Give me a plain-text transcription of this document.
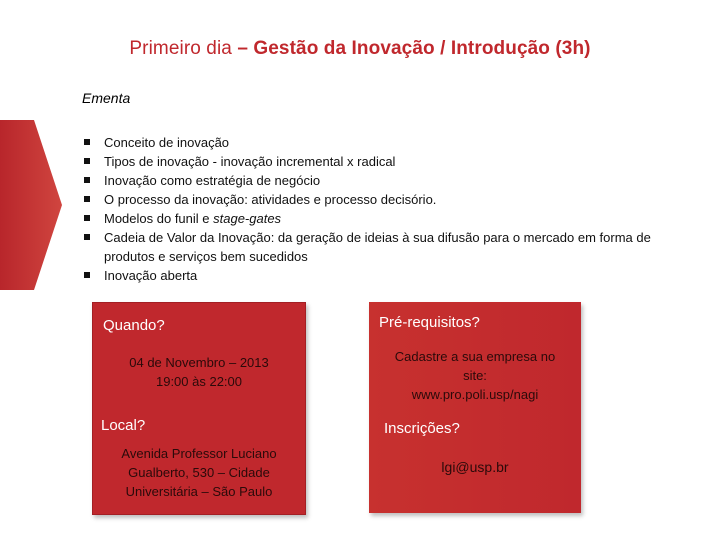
Primeiro dia – Gestão da Inovação / Introdução (3h)
Ementa
Conceito de inovação
Tipos de inovação - inovação incremental x radical
Inovação como estratégia de negócio
O processo da inovação: atividades e processo decisório.
Modelos do funil e stage-gates
Cadeia de Valor da Inovação: da geração de ideias à sua difusão para o mercado em forma de produtos e serviços bem sucedidos
Inovação aberta
Quando?
04 de Novembro – 2013
19:00 às 22:00
Local?
Avenida Professor Luciano
Gualberto, 530 – Cidade
Universitária – São Paulo
Pré-requisitos?
Cadastre a sua empresa no
site:
www.pro.poli.usp/nagi
Inscrições?
lgi@usp.br
